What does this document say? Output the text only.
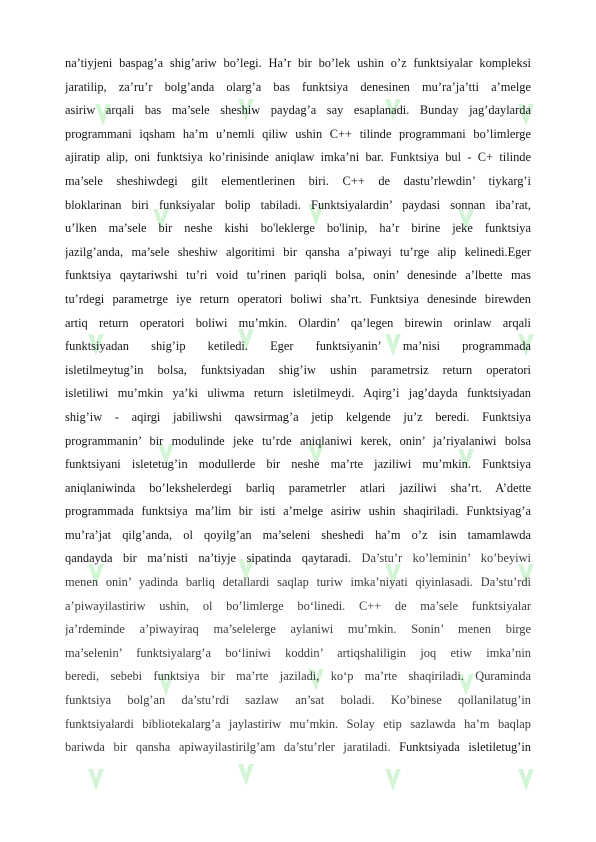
na’tiyjeni baspag’a shig’ariw bo’legi. Ha’r bir bo’lek ushin o’z funktsiyalar kompleksi
jaratilip, za’ru’r bolg’anda olarg’a bas funktsiya denesinen mu’ra’ja’tti a’melge
asiriw arqali bas ma’sele sheshiw paydag’a say esaplanadi. Bunday jag’daylarda
programmani iqsham ha’m u’nemli qiliw ushin C++ tilinde programmani bo’limlerge
ajiratip alip, oni funktsiya ko’rinisinde aniqlaw imka’ni bar. Funktsiya bul - C+ tilinde
ma’sele sheshiwdegi gilt elementlerinen biri. C++ de dastu’rlewdin’ tiykarg’i
bloklarinan biri funksiyalar bolip tabiladi. Funktsiyalardin’ paydasi sonnan iba’rat,
u’lken ma’sele bir neshe kishi bo'leklerge bo'linip, ha’r birine jeke funktsiya
jazilg’anda, ma’sele sheshiw algoritimi bir qansha a’piwayi tu’rge alip kelinedi.Eger
funktsiya qaytariwshi tu’ri void tu’rinen pariqli bolsa, onin’ denesinde a’lbette mas
tu’rdegi parametrge iye return operatori boliwi sha’rt. Funktsiya denesinde birewden
artiq return operatori boliwi mu’mkin. Olardin’ qa’legen birewin orinlaw arqali
funktsiyadan shig’ip ketiledi. Eger funktsiyanin’ ma’nisi programmada
isletilmeytug’in bolsa, funktsiyadan shig’iw ushin parametrsiz return operatori
isletiliwi mu’mkin ya’ki uliwma return isletilmeydi. Aqirg’i jag’dayda funktsiyadan
shig’iw - aqirgi jabiliwshi qawsirmag’a jetip kelgende ju’z beredi. Funktsiya
programmanin’ bir modulinde jeke tu’rde aniqlaniwi kerek, onin’ ja’riyalaniwi bolsa
funktsiyani isletetug’in modullerde bir neshe ma’rte jaziliwi mu’mkin. Funktsiya
aniqlaniwinda bo’lekshelerdegi barliq parametrler atlari jaziliwi sha’rt. A’dette
programmada funktsiya ma’lim bir isti a’melge asiriw ushin shaqiriladi. Funktsiyag’a
mu’ra’jat qilg’anda, ol qoyilg’an ma’seleni sheshedi ha’m o’z isin tamamlawda
qandayda bir ma’nisti na’tiyje sipatinda qaytaradi. Da’stu’r ko’leminin’ ko’beyiwi
menen onin’ yadinda barliq detallardi saqlap turiw imka’niyati qiyinlasadi. Da’stu’rdi
a’piwayilastiriw ushin, ol bo’limlerge bo‘linedi. C++ de ma’sele funktsiyalar
ja’rdeminde a’piwayiraq ma’selelerge aylaniwi mu’mkin. Sonin’ menen birge
ma’selenin’ funktsiyalarg’a bo‘liniwi koddin’ artiqshaliligin joq etiw imka’nin
beredi, sebebi funktsiya bir ma’rte jaziladi, ko‘p ma’rte shaqiriladi. Quraminda
funktsiya bolg’an da’stu’rdi sazlaw an’sat boladi. Ko’binese qollanilatug’in
funktsiyalardi bibliotekalarg’a jaylastiriw mu’mkin. Solay etip sazlawda ha’m baqlap
bariwda bir qansha apiwayilastirilg’am da’stu’rler jaratiladi. Funktsiyada isletiletug’in
